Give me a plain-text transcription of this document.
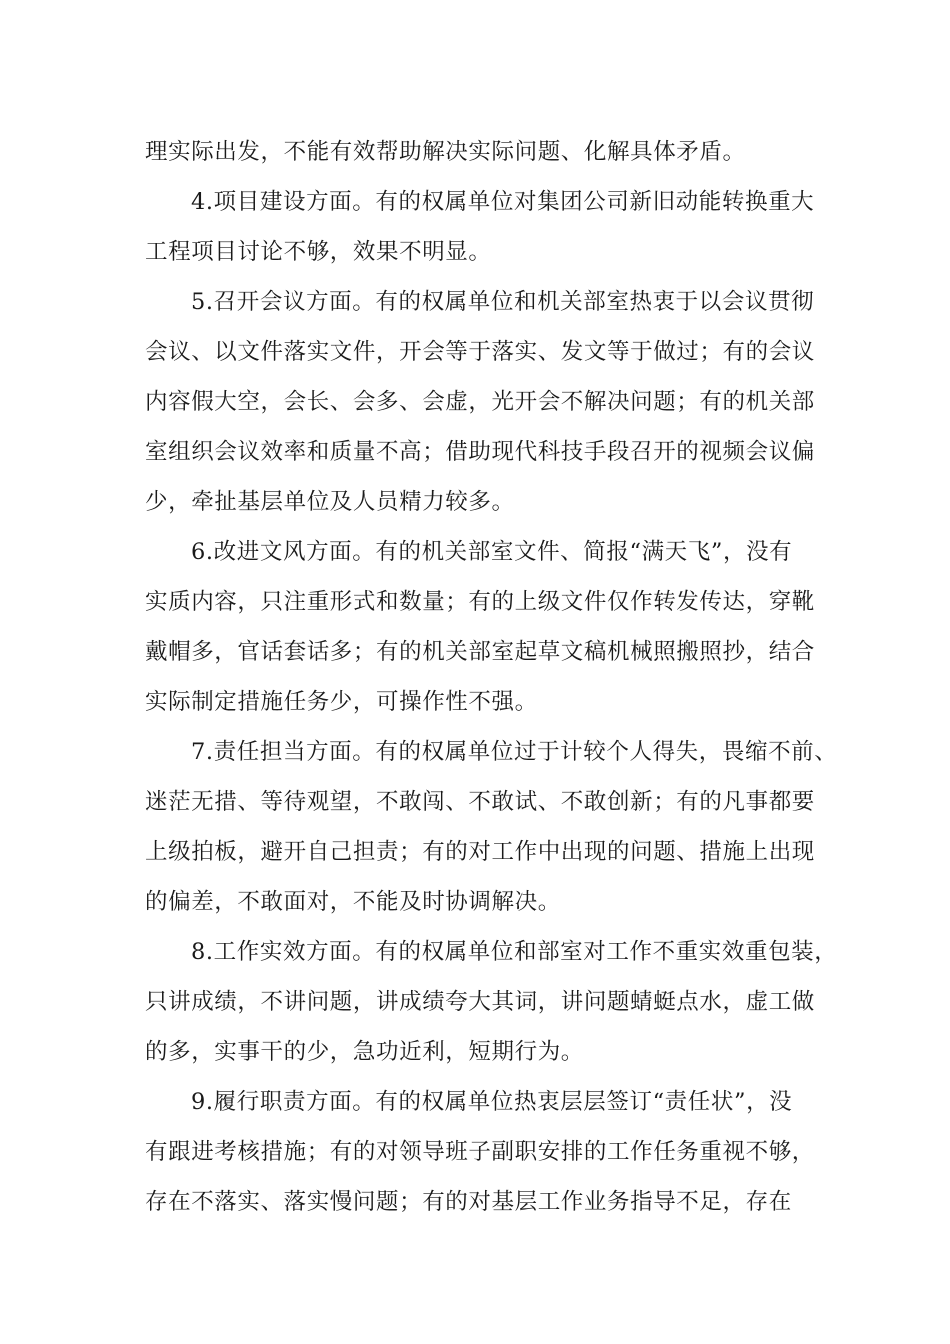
理实际出发，不能有效帮助解决实际问题、化解具体矛盾。
4.项目建设方面。有的权属单位对集团公司新旧动能转换重大
工程项目讨论不够，效果不明显。
5.召开会议方面。有的权属单位和机关部室热衷于以会议贯彻
会议、以文件落实文件，开会等于落实、发文等于做过；有的会议
内容假大空，会长、会多、会虚，光开会不解决问题；有的机关部
室组织会议效率和质量不高；借助现代科技手段召开的视频会议偏
少，牵扯基层单位及人员精力较多。
6.改进文风方面。有的机关部室文件、简报“满天飞”，没有
实质内容，只注重形式和数量；有的上级文件仅作转发传达，穿靴
戴帽多，官话套话多；有的机关部室起草文稿机械照搬照抄，结合
实际制定措施任务少，可操作性不强。
7.责任担当方面。有的权属单位过于计较个人得失，畏缩不前、
迷茫无措、等待观望，不敢闯、不敢试、不敢创新；有的凡事都要
上级拍板，避开自己担责；有的对工作中出现的问题、措施上出现
的偏差，不敢面对，不能及时协调解决。
8.工作实效方面。有的权属单位和部室对工作不重实效重包装，
只讲成绩，不讲问题，讲成绩夸大其词，讲问题蜻蜓点水，虚工做
的多，实事干的少，急功近利，短期行为。
9.履行职责方面。有的权属单位热衷层层签订“责任状”，没
有跟进考核措施；有的对领导班子副职安排的工作任务重视不够，
存在不落实、落实慢问题；有的对基层工作业务指导不足，存在
